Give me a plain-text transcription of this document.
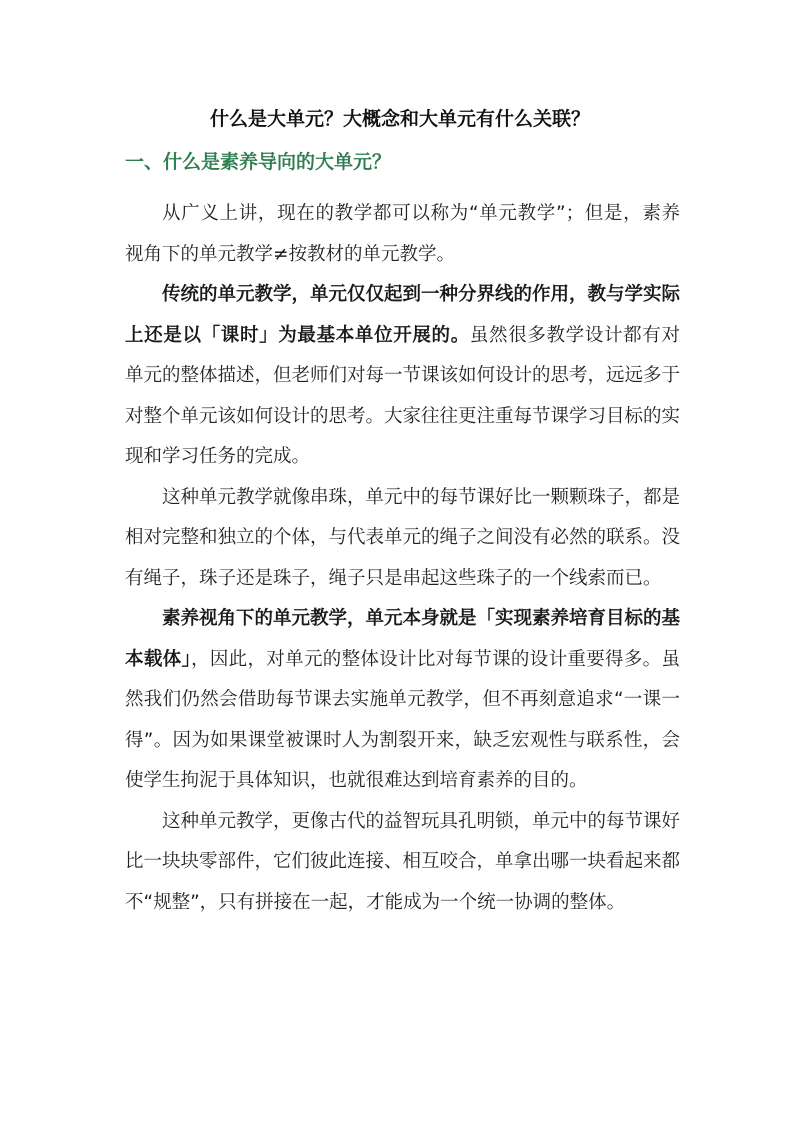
什么是大单元？大概念和大单元有什么关联？
一、什么是素养导向的大单元？

从广义上讲，现在的教学都可以称为“单元教学”；但是，素养视角下的单元教学≠按教材的单元教学。

传统的单元教学，单元仅仅起到一种分界线的作用，教与学实际上还是以「课时」为最基本单位开展的。虽然很多教学设计都有对单元的整体描述，但老师们对每一节课该如何设计的思考，远远多于对整个单元该如何设计的思考。大家往往更注重每节课学习目标的实现和学习任务的完成。

这种单元教学就像串珠，单元中的每节课好比一颗颗珠子，都是相对完整和独立的个体，与代表单元的绳子之间没有必然的联系。没有绳子，珠子还是珠子，绳子只是串起这些珠子的一个线索而已。

素养视角下的单元教学，单元本身就是「实现素养培育目标的基本载体」，因此，对单元的整体设计比对每节课的设计重要得多。虽然我们仍然会借助每节课去实施单元教学，但不再刻意追求“一课一得”。因为如果课堂被课时人为割裂开来，缺乏宏观性与联系性，会使学生拘泥于具体知识，也就很难达到培育素养的目的。

这种单元教学，更像古代的益智玩具孔明锁，单元中的每节课好比一块块零部件，它们彼此连接、相互咬合，单拿出哪一块看起来都不“规整”，只有拼接在一起，才能成为一个统一协调的整体。
